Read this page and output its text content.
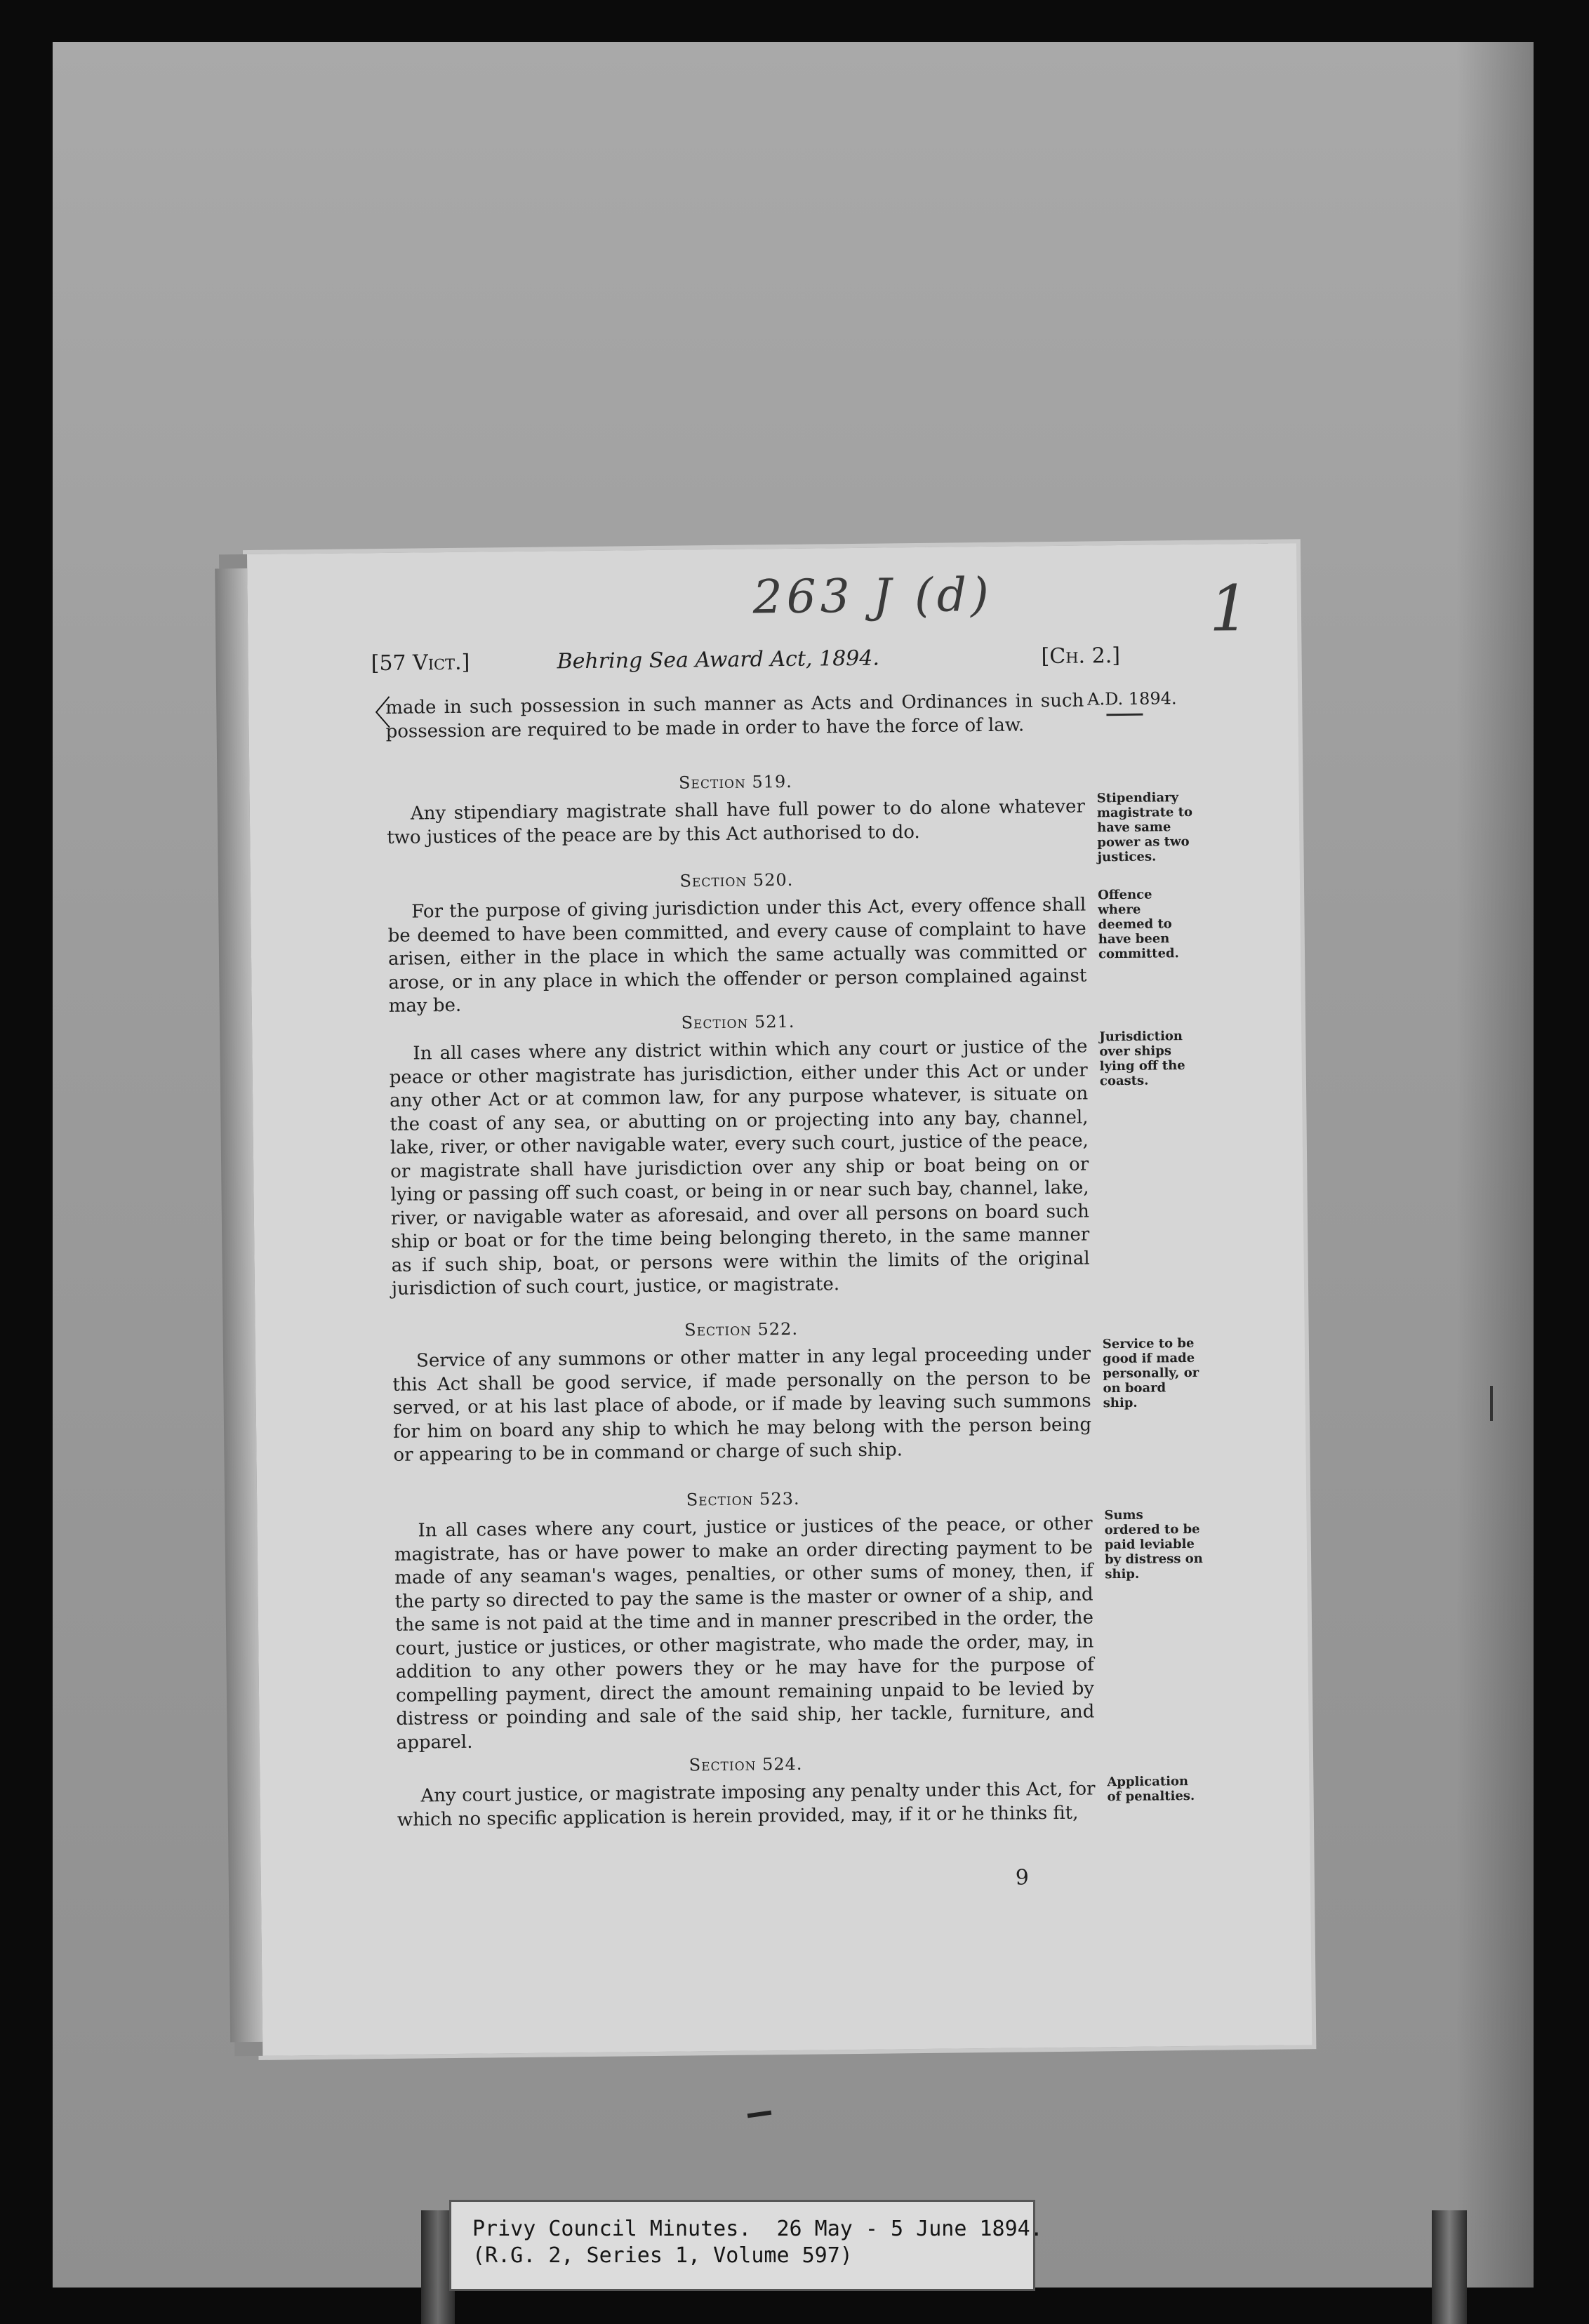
263 J (d)	1
[57 Vict.]	Behring Sea Award Act, 1894.	[Ch. 2.]
〈	A.D. 1894.
made in such possession in such manner as Acts and Ordinances in such possession are required to be made in order to have the force of law.
Section 519.
Any stipendiary magistrate shall have full power to do alone whatever two justices of the peace are by this Act authorised to do.
Stipendiary magistrate to have same power as two justices.
Section 520.
For the purpose of giving jurisdiction under this Act, every offence shall be deemed to have been committed, and every cause of complaint to have arisen, either in the place in which the same actually was committed or arose, or in any place in which the offender or person complained against may be.
Offence where deemed to have been committed.
Section 521.
In all cases where any district within which any court or justice of the peace or other magistrate has jurisdiction, either under this Act or under any other Act or at common law, for any purpose whatever, is situate on the coast of any sea, or abutting on or projecting into any bay, channel, lake, river, or other navigable water, every such court, justice of the peace, or magistrate shall have jurisdiction over any ship or boat being on or lying or passing off such coast, or being in or near such bay, channel, lake, river, or navigable water as aforesaid, and over all persons on board such ship or boat or for the time being belonging thereto, in the same manner as if such ship, boat, or persons were within the limits of the original jurisdiction of such court, justice, or magistrate.
Jurisdiction over ships lying off the coasts.
Section 522.
Service of any summons or other matter in any legal proceeding under this Act shall be good service, if made personally on the person to be served, or at his last place of abode, or if made by leaving such summons for him on board any ship to which he may belong with the person being or appearing to be in command or charge of such ship.
Service to be good if made personally, or on board ship.
Section 523.
In all cases where any court, justice or justices of the peace, or other magistrate, has or have power to make an order directing payment to be made of any seaman's wages, penalties, or other sums of money, then, if the party so directed to pay the same is the master or owner of a ship, and the same is not paid at the time and in manner prescribed in the order, the court, justice or justices, or other magistrate, who made the order, may, in addition to any other powers they or he may have for the purpose of compelling payment, direct the amount remaining unpaid to be levied by distress or poinding and sale of the said ship, her tackle, furniture, and apparel.
Sums ordered to be paid leviable by distress on ship.
Section 524.
Any court justice, or magistrate imposing any penalty under this Act, for which no specific application is herein provided, may, if it or he thinks fit,
Application of penalties.
9
Privy Council Minutes.  26 May - 5 June 1894.
(R.G. 2, Series 1, Volume 597)
